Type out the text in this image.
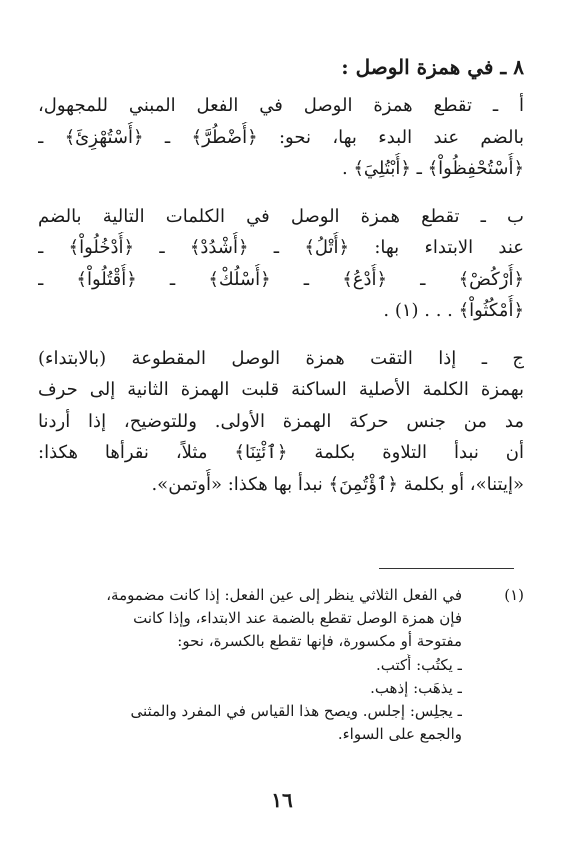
٨ ـ في همزة الوصل :

أ ـ تقطع همزة الوصل في الفعل المبني للمجهول،
بالضم عند البدء بها، نحو: ﴿أُضْطُرَّ﴾ ـ ﴿أُسْتُهْزِئَ﴾ ـ
﴿أُسْتُحْفِظُواْ﴾ ـ ﴿أُبْتُلِيَ﴾ .

ب ـ تقطع همزة الوصل في الكلمات التالية بالضم
عند الابتداء بها: ﴿أُتْلُ﴾ ـ ﴿أُشْدُدْ﴾ ـ ﴿أُدْخُلُواْ﴾ ـ
﴿أُرْكُضْ﴾ ـ ﴿أُدْعُ﴾ ـ ﴿أُسْلُكْ﴾ ـ ﴿أُقْتُلُواْ﴾ ـ
﴿أُمْكُثُواْ﴾ . . . (١) .

ج ـ إذا التقت همزة الوصل المقطوعة (بالابتداء)
بهمزة الكلمة الأصلية الساكنة قلبت الهمزة الثانية إلى حرف
مد من جنس حركة الهمزة الأولى. وللتوضيح، إذا أردنا
أن نبدأ التلاوة بكلمة ﴿ٱئْتِنَا﴾ مثلاً، نقرأها هكذا:
«إيتنا»، أو بكلمة ﴿ٱؤْتُمِنَ﴾ نبدأ بها هكذا: «أُوتمن».

(١)
في الفعل الثلاثي ينظر إلى عين الفعل: إذا كانت مضمومة،
فإن همزة الوصل تقطع بالضمة عند الابتداء، وإذا كانت
مفتوحة أو مكسورة، فإنها تقطع بالكسرة، نحو:
ـ يكتُب: أُكتب.
ـ يذهَب: إذهب.
ـ يجلِس: إجلس. ويصح هذا القياس في المفرد والمثنى
والجمع على السواء.
١٦
